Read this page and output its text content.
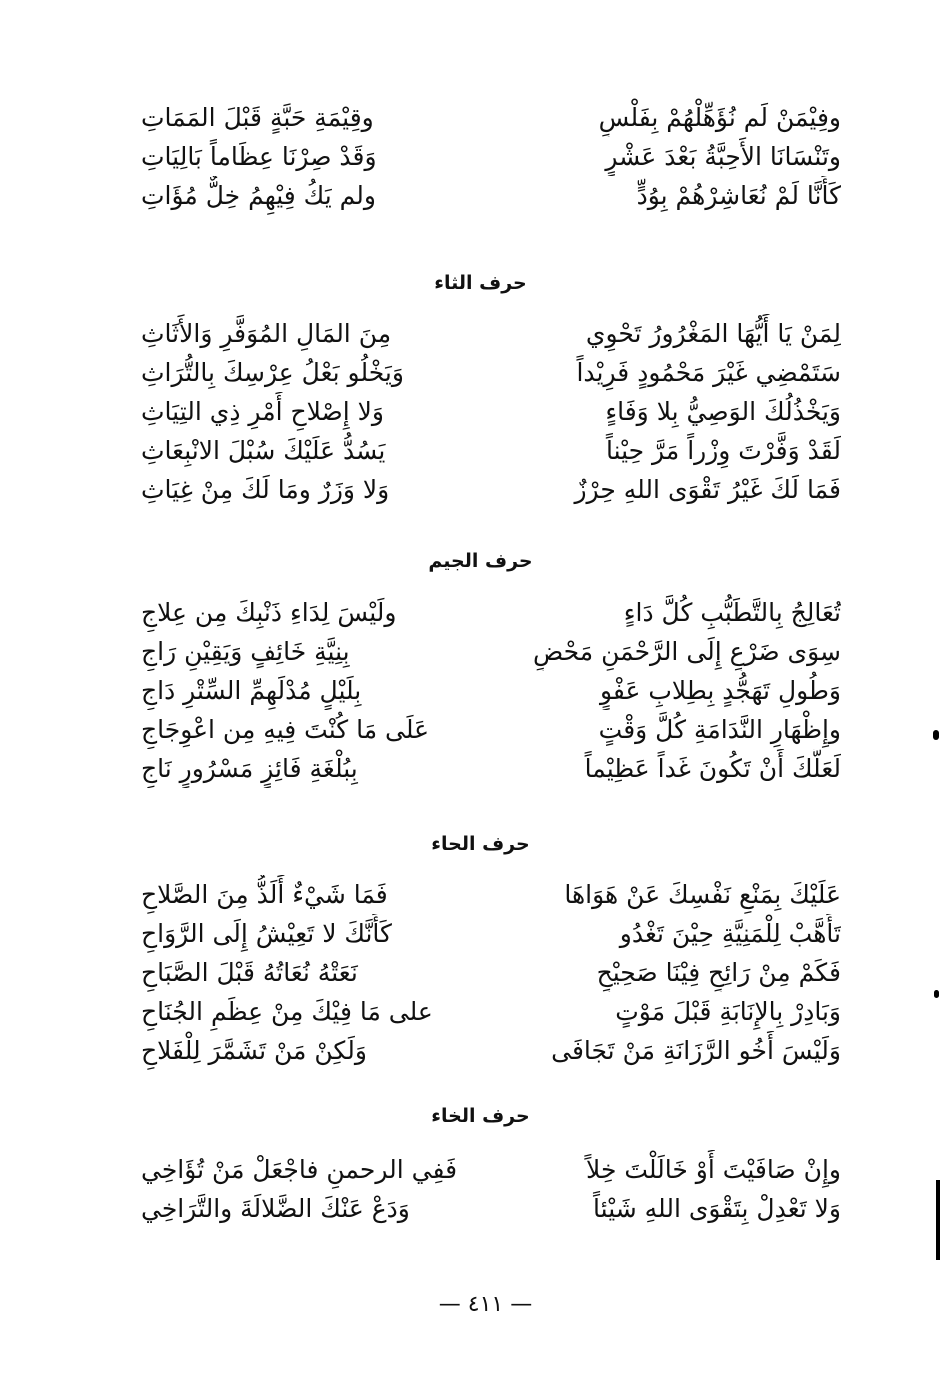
وفِيْمَنْ لَم نُؤَهِّلْهُمْ بِفَلْسٍ
وقِيْمَةِ حَبَّةٍ قَبْلَ المَمَاتِ
وتَنْسَانَا الأَحِبَّةُ بَعْدَ عَشْرٍ
وَقَدْ صِرْنَا عِظَاماً بَالِيَاتِ
كَأَنَّا لَمْ نُعَاشِرْهُمْ بِوُدٍّ
ولم يَكُ فِيْهِمُ خِلٌّ مُؤَاتِ
حرف الثاء
لِمَنْ يَا أَيُّهَا المَغْرُورُ تَحْوِي
مِنَ المَالِ المُوَفَّرِ وَالأَثَاثِ
سَتَمْضِي غَيْرَ مَحْمُودٍ فَرِيْداً
وَيَخْلُو بَعْلُ عِرْسِكَ بِالتُّرَاثِ
وَيَخْذُلُكَ الوَصِيُّ بِلا وَفَاءٍ
وَلا إِصْلاحِ أَمْرِ ذِي التِيَاثِ
لَقَدْ وَفَّرْتَ وِزْراً مَرَّ حِيْناً
يَسُدُّ عَلَيْكَ سُبْلَ الانْبِعَاثِ
فَمَا لَكَ غَيْرُ تَقْوَى اللهِ حِرْزٌ
وَلا وَزَرٌ ومَا لَكَ مِنْ غِيَاثِ
حرف الجيم
تُعَالِجُ بِالتَّطَبُّبِ كُلَّ دَاءٍ
ولَيْسَ لِدَاءِ ذَنْبِكَ مِن عِلاجِ
سِوَى ضَرْعٍ إِلَى الرَّحْمَنِ مَحْضٍ
بِنِيَّةِ خَائِفٍ وَيَقِيْنِ رَاجِ
وَطُولِ تَهَجُّدٍ بِطِلابِ عَفْوٍ
بِلَيْلٍ مُدْلَهِمِّ السِّتْرِ دَاجِ
وإِظْهَارِ النَّدَامَةِ كُلَّ وَقْتٍ
عَلَى مَا كُنْتَ فِيهِ مِن اعْوِجَاجِ
لَعَلَّكَ أَنْ تَكُونَ غَداً عَظِيْماً
بِبُلْغَةِ فَائِزٍ مَسْرُورٍ نَاجِ
حرف الحاء
عَلَيْكَ بِمَنْعِ نَفْسِكَ عَنْ هَوَاهَا
فَمَا شَيْءٌ أَلَذُّ مِنَ الصَّلاحِ
تَأَهَّبْ لِلْمَنِيَّةِ حِيْنَ تَغْدُو
كَأَنَّكَ لا تَعِيْشُ إِلَى الرَّوَاحِ
فَكَمْ مِنْ رَائِحٍ فِيْنَا صَحِيْحٍ
نَعَتْهُ نُعَاتُهُ قَبْلَ الصَّبَاحِ
وَبَادِرْ بِالإِنَابَةِ قَبْلَ مَوْتٍ
على مَا فِيْكَ مِنْ عِظَمِ الجُنَاحِ
وَلَيْسَ أَخُو الرَّزَانَةِ مَنْ تَجَافَى
وَلَكِنْ مَنْ تَشَمَّرَ لِلْفَلاحِ
حرف الخاء
وإِنْ صَافَيْتَ أَوْ خَالَلْتَ خِلاً
فَفِي الرحمنِ فاجْعَلْ مَنْ تُؤَاخِي
وَلا تَعْدِلْ بِتَقْوَى اللهِ شَيْئاً
وَدَعْ عَنْكَ الضَّلالَةَ والتَّرَاخِي
— ٤١١ —
